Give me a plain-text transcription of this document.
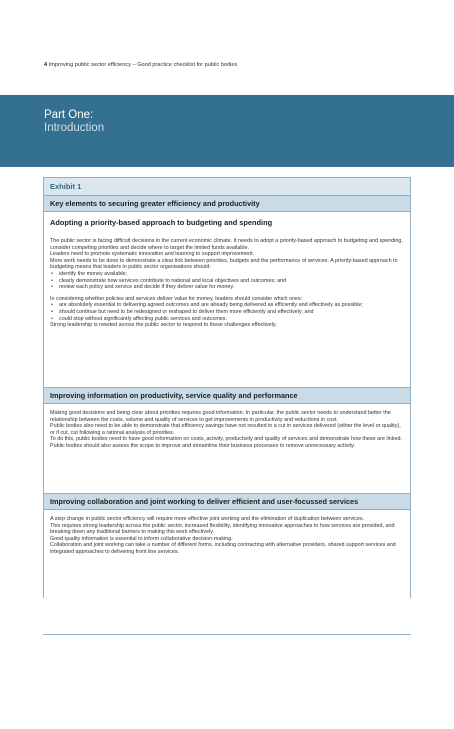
4 Improving public sector efficiency – Good practice checklist for public bodies
Part One:
Introduction
Exhibit 1
Key elements to securing greater efficiency and productivity
Adopting a priority-based approach to budgeting and spending

The public sector is facing difficult decisions in the current economic climate. It needs to adopt a priority-based approach to budgeting and spending, consider competing priorities and decide where to target the limited funds available.

Leaders need to promote systematic innovation and learning to support improvement.

More work needs to be done to demonstrate a clear link between priorities, budgets and the performance of services. A priority-based approach to budgeting means that leaders in public sector organisations should:

• identify the money available;
• clearly demonstrate how services contribute to national and local objectives and outcomes; and
• review each policy and service and decide if they deliver value for money.

In considering whether policies and services deliver value for money, leaders should consider which ones:

• are absolutely essential to delivering agreed outcomes and are already being delivered as efficiently and effectively as possible;
• should continue but need to be redesigned or reshaped to deliver them more efficiently and effectively; and
• could stop without significantly affecting public services and outcomes.

Strong leadership is needed across the public sector to respond to these challenges effectively.

Improving information on productivity, service quality and performance

Making good decisions and being clear about priorities requires good information. In particular, the public sector needs to understand better the relationship between the costs, volume and quality of services to get improvements in productivity and reductions in cost.

Public bodies also need to be able to demonstrate that efficiency savings have not resulted in a cut in services delivered (either the level or quality), or if cut, cut following a rational analysis of priorities.

To do this, public bodies need to have good information on costs, activity, productivity and quality of services and demonstrate how these are linked. Public bodies should also assess the scope to improve and streamline their business processes to remove unnecessary activity.

Improving collaboration and joint working to deliver efficient and user-focussed services

A step change in public sector efficiency will require more effective joint working and the elimination of duplication between services.

This requires strong leadership across the public sector, increased flexibility, identifying innovative approaches to how services are provided, and breaking down any traditional barriers to making this work effectively.

Good quality information is essential to inform collaborative decision-making.

Collaboration and joint working can take a number of different forms, including contracting with alternative providers, shared support services and integrated approaches to delivering front line services.
